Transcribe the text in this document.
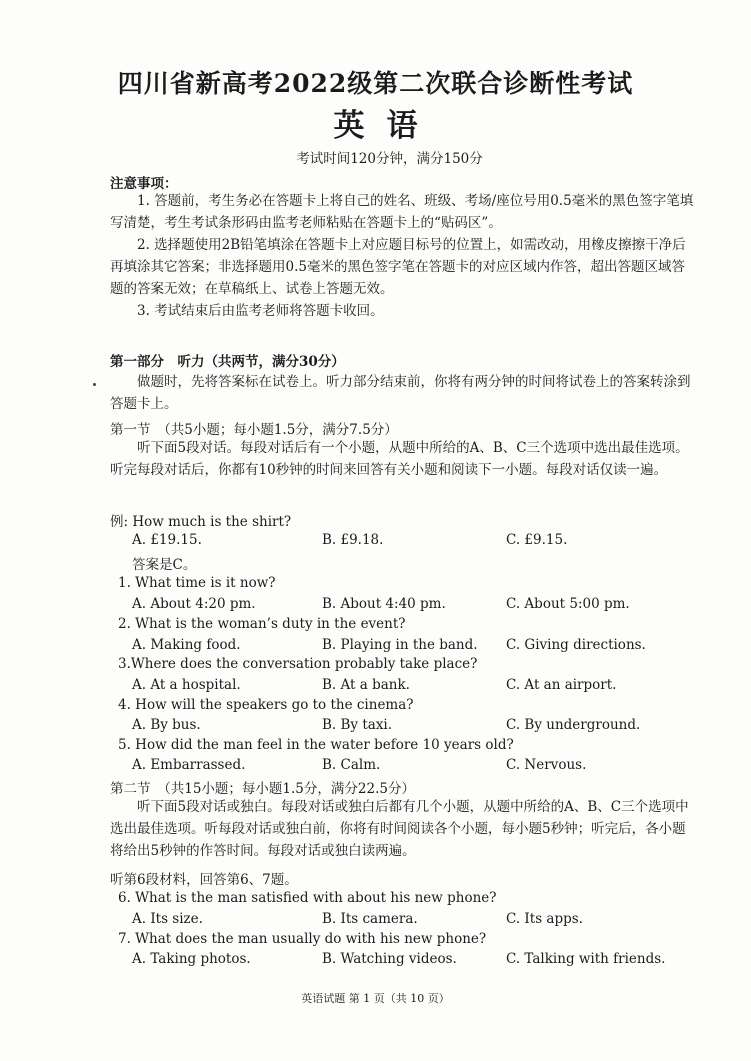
四川省新高考2022级第二次联合诊断性考试
英语
考试时间120分钟，满分150分
注意事项：
1. 答题前，考生务必在答题卡上将自己的姓名、班级、考场/座位号用0.5毫米的黑色签字笔填写清楚，考生考试条形码由监考老师粘贴在答题卡上的“贴码区”。
2. 选择题使用2B铅笔填涂在答题卡上对应题目标号的位置上，如需改动，用橡皮擦擦干净后再填涂其它答案；非选择题用0.5毫米的黑色签字笔在答题卡的对应区域内作答，超出答题区域答题的答案无效；在草稿纸上、试卷上答题无效。
3. 考试结束后由监考老师将答题卡收回。
第一部分　听力（共两节，满分30分）
做题时，先将答案标在试卷上。听力部分结束前，你将有两分钟的时间将试卷上的答案转涂到答题卡上。
第一节　（共5小题；每小题1.5分，满分7.5分）
听下面5段对话。每段对话后有一个小题，从题中所给的A、B、C三个选项中选出最佳选项。听完每段对话后，你都有10秒钟的时间来回答有关小题和阅读下一小题。每段对话仅读一遍。
例: How much is the shirt?
A. £19.15.	B. £9.18.	C. £9.15.
答案是C。
1. What time is it now?
A. About 4:20 pm.	B. About 4:40 pm.	C. About 5:00 pm.
2. What is the woman’s duty in the event?
A. Making food.	B. Playing in the band. C. Giving directions.
3.Where does the conversation probably take place?
A. At a hospital.	B. At a bank.	C. At an airport.
4. How will the speakers go to the cinema?
A. By bus.	B. By taxi.	C. By underground.
5. How did the man feel in the water before 10 years old?
A. Embarrassed.	B. Calm.	C. Nervous.
第二节　（共15小题；每小题1.5分，满分22.5分）
听下面5段对话或独白。每段对话或独白后都有几个小题，从题中所给的A、B、C三个选项中选出最佳选项。听每段对话或独白前，你将有时间阅读各个小题，每小题5秒钟；听完后，各小题将给出5秒钟的作答时间。每段对话或独白读两遍。
听第6段材料，回答第6、7题。
6. What is the man satisfied with about his new phone?
A. Its size.	B. Its camera.	C. Its apps.
7. What does the man usually do with his new phone?
A. Taking photos.	B. Watching videos.	C. Talking with friends.
英语试题 第 1 页（共 10 页）
